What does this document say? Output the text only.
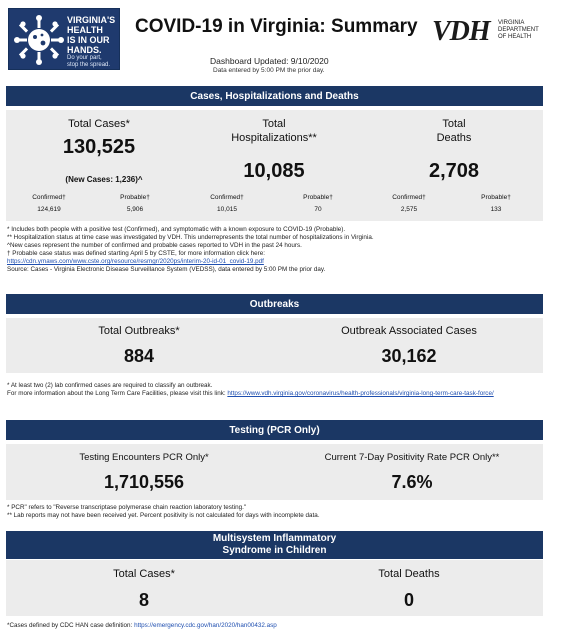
VIRGINIA'S
HEALTH
IS IN OUR
HANDS.
Do your part,
stop the spread.
COVID-19 in Virginia: Summary VDH VIRGINIA
DEPARTMENT
OF HEALTH
Dashboard Updated: 9/10/2020
Data entered by 5:00 PM the prior day.
Cases, Hospitalizations and Deaths
Total Cases*
130,525
(New Cases: 1,236)^
Total
Hospitalizations**
10,085
Total
Deaths
2,708
Confirmed†
124,619
Probable†
5,906
Confirmed†
10,015
Probable†
70
Confirmed†
2,575
Probable†
133
* Includes both people with a positive test (Confirmed), and symptomatic with a known exposure to COVID-19 (Probable).
** Hospitalization status at time case was investigated by VDH. This underrepresents the total number of hospitalizations in Virginia.
^New cases represent the number of confirmed and probable cases reported to VDH in the past 24 hours.
† Probable case status was defined starting April 5 by CSTE, for more information click here:
https://cdn.ymaws.com/www.cste.org/resource/resmgr/2020ps/interim-20-id-01_covid-19.pdf
Source: Cases - Virginia Electronic Disease Surveillance System (VEDSS), data entered by 5:00 PM the prior day.
Outbreaks
Total Outbreaks*
884
Outbreak Associated Cases
30,162
* At least two (2) lab confirmed cases are required to classify an outbreak.
For more information about the Long Term Care Facilities, please visit this link: https://www.vdh.virginia.gov/coronavirus/health-professionals/virginia-long-term-care-task-force/
Testing (PCR Only)
Testing Encounters PCR Only*
1,710,556
Current 7-Day Positivity Rate PCR Only**
7.6%
* PCR" refers to "Reverse transcriptase polymerase chain reaction laboratory testing."
** Lab reports may not have been received yet. Percent positivity is not calculated for days with incomplete data.
Multisystem Inflammatory
Syndrome in Children
Total Cases*
8
Total Deaths
0
*Cases defined by CDC HAN case definition: https://emergency.cdc.gov/han/2020/han00432.asp
